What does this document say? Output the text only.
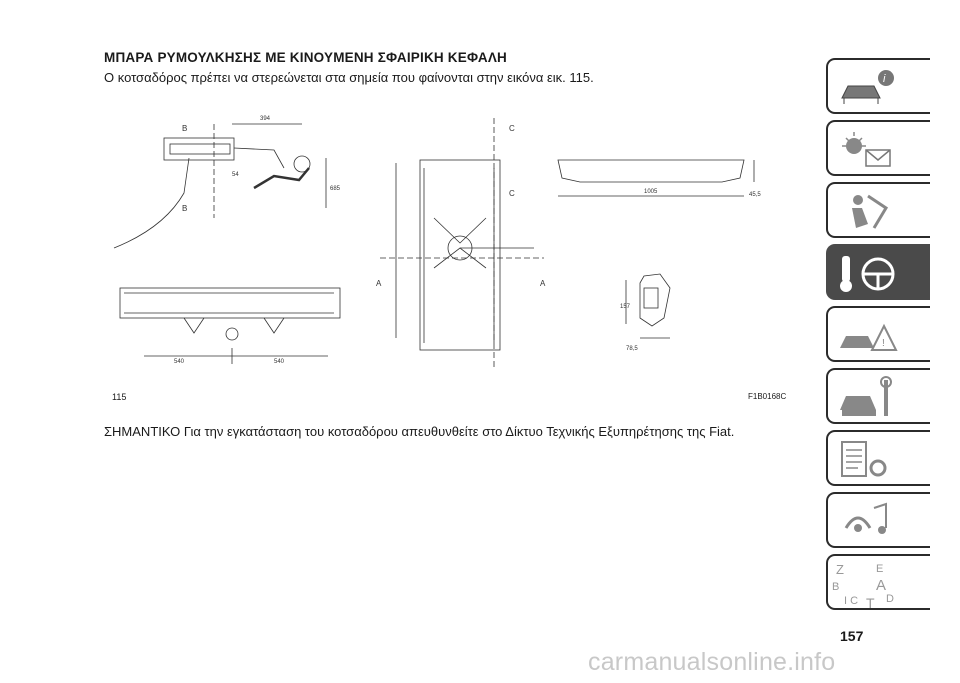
ΜΠΑΡΑ ΡΥΜΟΥΛΚΗΣΗΣ ΜΕ ΚΙΝΟΥΜΕΝΗ ΣΦΑΙΡΙΚΗ ΚΕΦΑΛΗ
Ο κοτσαδόρος πρέπει να στερεώνεται στα σημεία που φαίνονται στην εικόνα εικ. 115.
B
B
394
54
685
540	540
C
C
A	A
1005	45,5
157
78,5
115	F1B0168C
ΣΗΜΑΝΤΙΚΟ Για την εγκατάσταση του κοτσαδόρου απευθυνθείτε στο Δίκτυο Τεχνικής Εξυπηρέτησης της Fiat.
i
!
Z	E
B A
I C T D
157
carmanualsonline.info
